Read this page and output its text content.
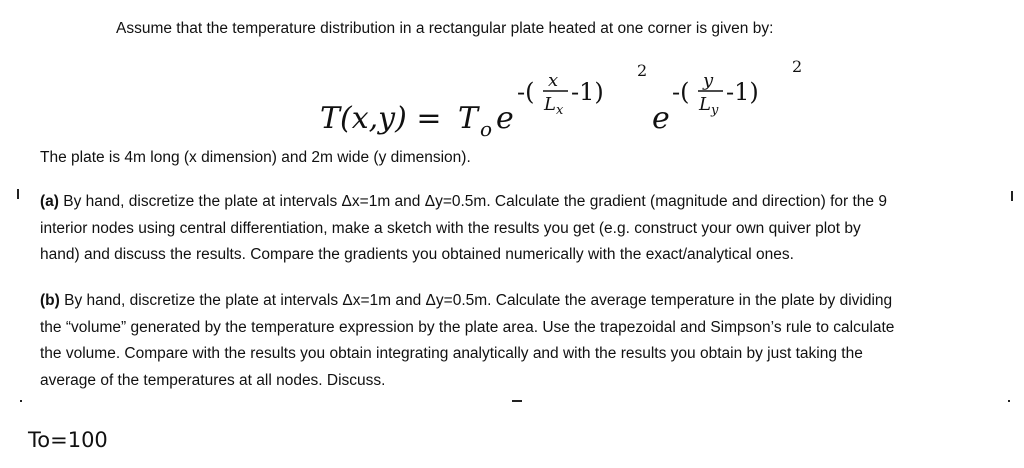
Assume that the temperature distribution in a rectangular plate heated at one corner is given by:
T(x,y) = T o e
-( x
L x
-1)
2
e
-( y
L y
-1)
2
The plate is 4m long (x dimension) and 2m wide (y dimension).
(a) By hand, discretize the plate at intervals Δx=1m and Δy=0.5m. Calculate the gradient (magnitude and direction) for the 9
interior nodes using central differentiation, make a sketch with the results you get (e.g. construct your own quiver plot by
hand) and discuss the results. Compare the gradients you obtained numerically with the exact/analytical ones.
(b) By hand, discretize the plate at intervals Δx=1m and Δy=0.5m. Calculate the average temperature in the plate by dividing
the “volume” generated by the temperature expression by the plate area. Use the trapezoidal and Simpson’s rule to calculate
the volume. Compare with the results you obtain integrating analytically and with the results you obtain by just taking the
average of the temperatures at all nodes. Discuss.
To=100
